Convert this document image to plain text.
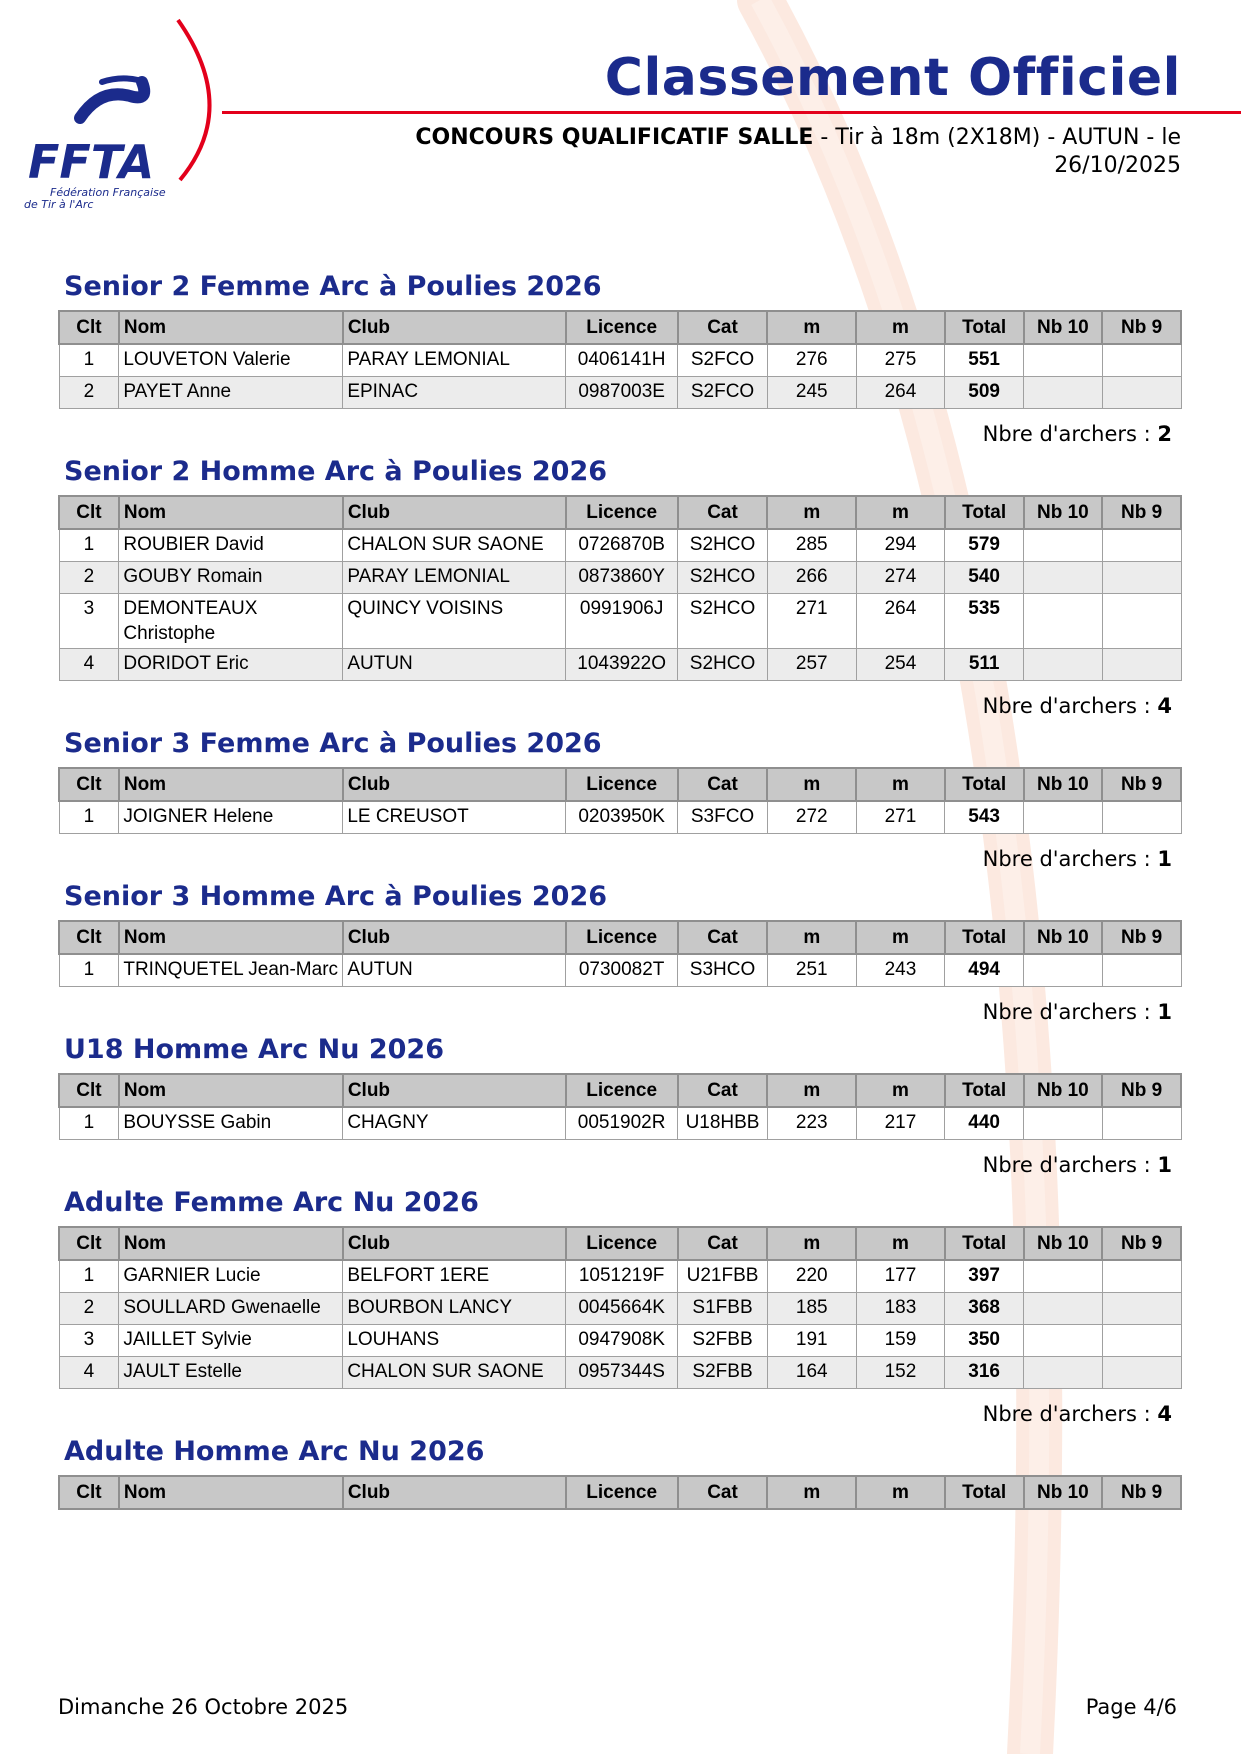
FFTA
Fédération Française
de Tir à l'Arc
Classement Officiel
CONCOURS QUALIFICATIF SALLE - Tir à 18m (2X18M) - AUTUN - le 26/10/2025
Senior 2 Femme Arc à Poulies 2026
Clt	Nom	Club	Licence	Cat	m	m	Total	Nb 10	Nb 9
1	LOUVETON Valerie	PARAY LEMONIAL	0406141H	S2FCO	276	275	551		
2	PAYET Anne	EPINAC	0987003E	S2FCO	245	264	509		
Nbre d'archers : 2
Senior 2 Homme Arc à Poulies 2026
Clt	Nom	Club	Licence	Cat	m	m	Total	Nb 10	Nb 9
1	ROUBIER David	CHALON SUR SAONE	0726870B	S2HCO	285	294	579		
2	GOUBY Romain	PARAY LEMONIAL	0873860Y	S2HCO	266	274	540		
3	DEMONTEAUX Christophe	QUINCY VOISINS	0991906J	S2HCO	271	264	535		
4	DORIDOT Eric	AUTUN	1043922O	S2HCO	257	254	511		
Nbre d'archers : 4
Senior 3 Femme Arc à Poulies 2026
Clt	Nom	Club	Licence	Cat	m	m	Total	Nb 10	Nb 9
1	JOIGNER Helene	LE CREUSOT	0203950K	S3FCO	272	271	543		
Nbre d'archers : 1
Senior 3 Homme Arc à Poulies 2026
Clt	Nom	Club	Licence	Cat	m	m	Total	Nb 10	Nb 9
1	TRINQUETEL Jean-Marc	AUTUN	0730082T	S3HCO	251	243	494		
Nbre d'archers : 1
U18 Homme Arc Nu 2026
Clt	Nom	Club	Licence	Cat	m	m	Total	Nb 10	Nb 9
1	BOUYSSE Gabin	CHAGNY	0051902R	U18HBB	223	217	440		
Nbre d'archers : 1
Adulte Femme Arc Nu 2026
Clt	Nom	Club	Licence	Cat	m	m	Total	Nb 10	Nb 9
1	GARNIER Lucie	BELFORT 1ERE	1051219F	U21FBB	220	177	397		
2	SOULLARD Gwenaelle	BOURBON LANCY	0045664K	S1FBB	185	183	368		
3	JAILLET Sylvie	LOUHANS	0947908K	S2FBB	191	159	350		
4	JAULT Estelle	CHALON SUR SAONE	0957344S	S2FBB	164	152	316		
Nbre d'archers : 4
Adulte Homme Arc Nu 2026
Clt	Nom	Club	Licence	Cat	m	m	Total	Nb 10	Nb 9
Dimanche 26 Octobre 2025	Page 4/6
